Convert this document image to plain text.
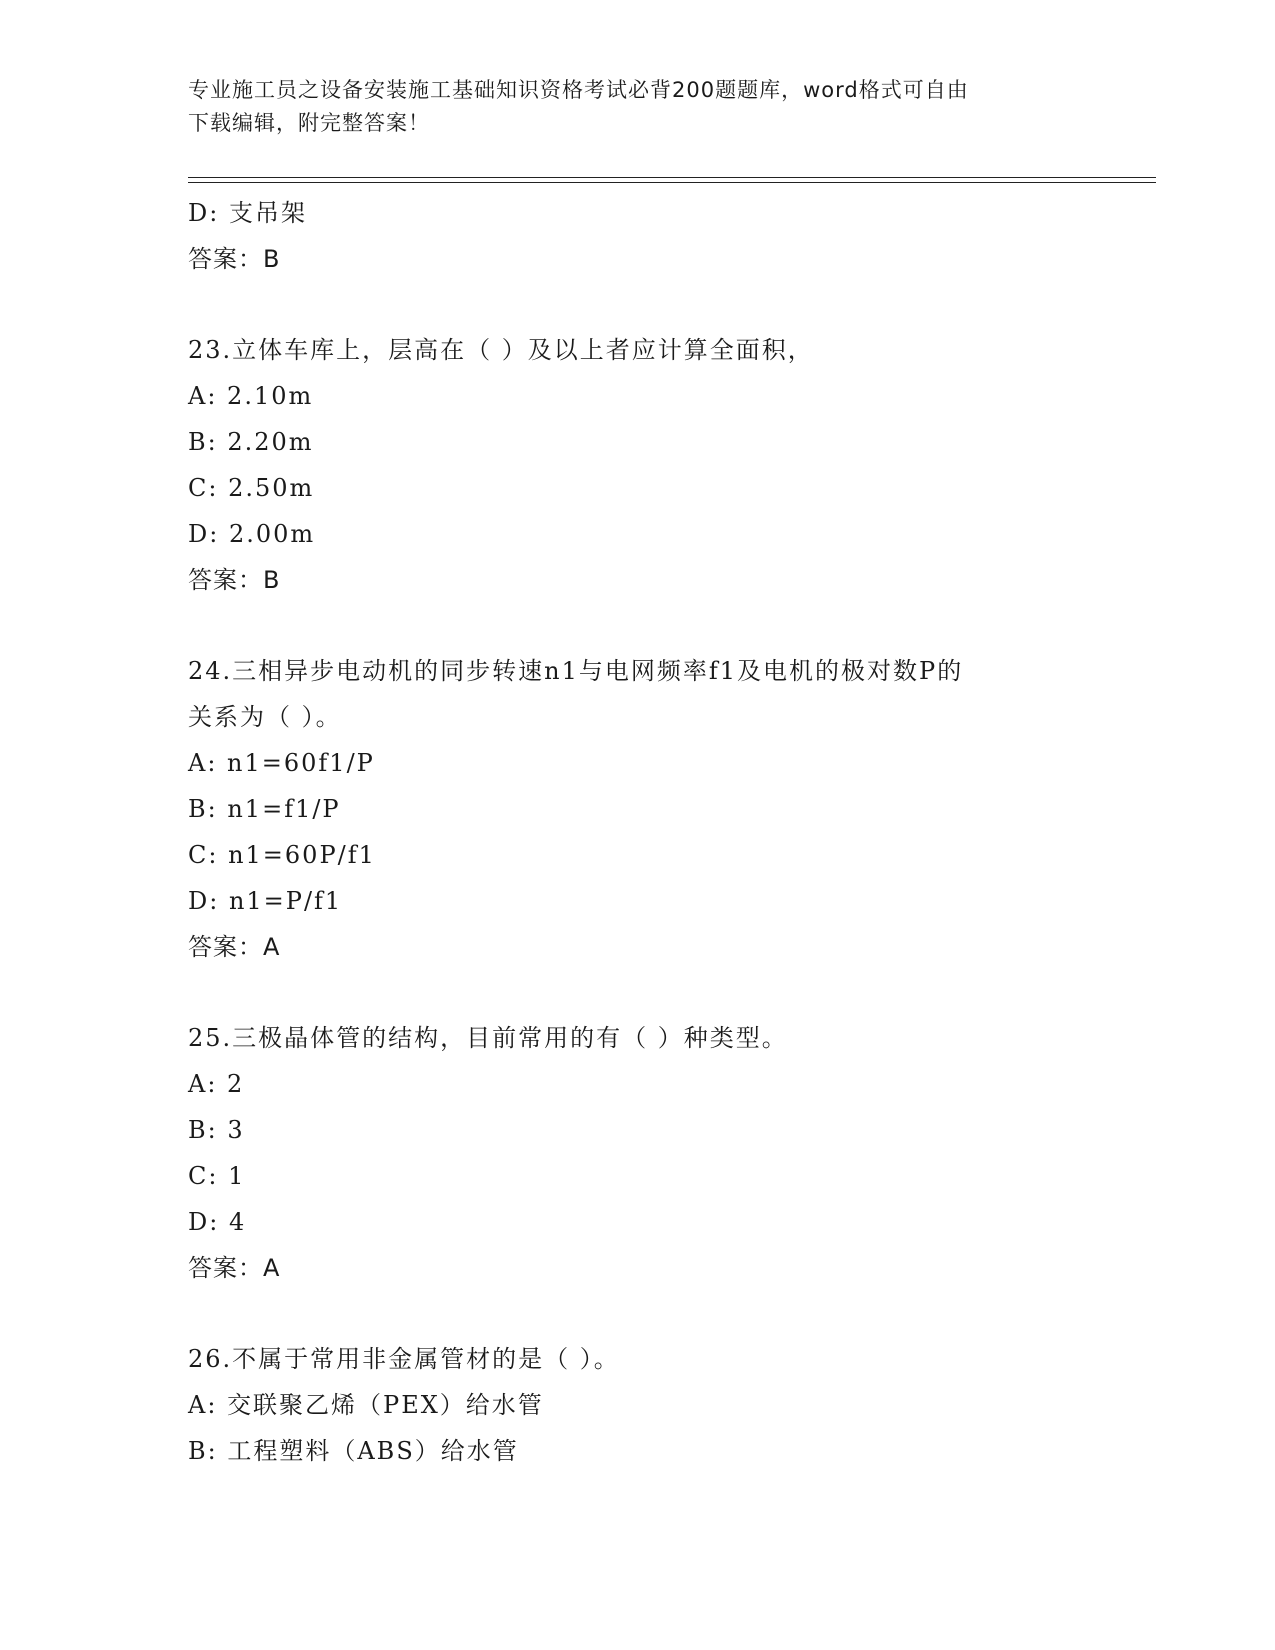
专业施工员之设备安装施工基础知识资格考试必背200题题库，word格式可自由
下载编辑，附完整答案！
D: 支吊架
答案：B
23.立体车库上，层高在（ ）及以上者应计算全面积，
A: 2.10m
B: 2.20m
C: 2.50m
D: 2.00m
答案：B
24.三相异步电动机的同步转速n1与电网频率f1及电机的极对数P的
关系为（ ）。
A: n1=60f1/P
B: n1=f1/P
C: n1=60P/f1
D: n1=P/f1
答案：A
25.三极晶体管的结构，目前常用的有（ ）种类型。
A: 2
B: 3
C: 1
D: 4
答案：A
26.不属于常用非金属管材的是（ ）。
A: 交联聚乙烯（PEX）给水管
B: 工程塑料（ABS）给水管
